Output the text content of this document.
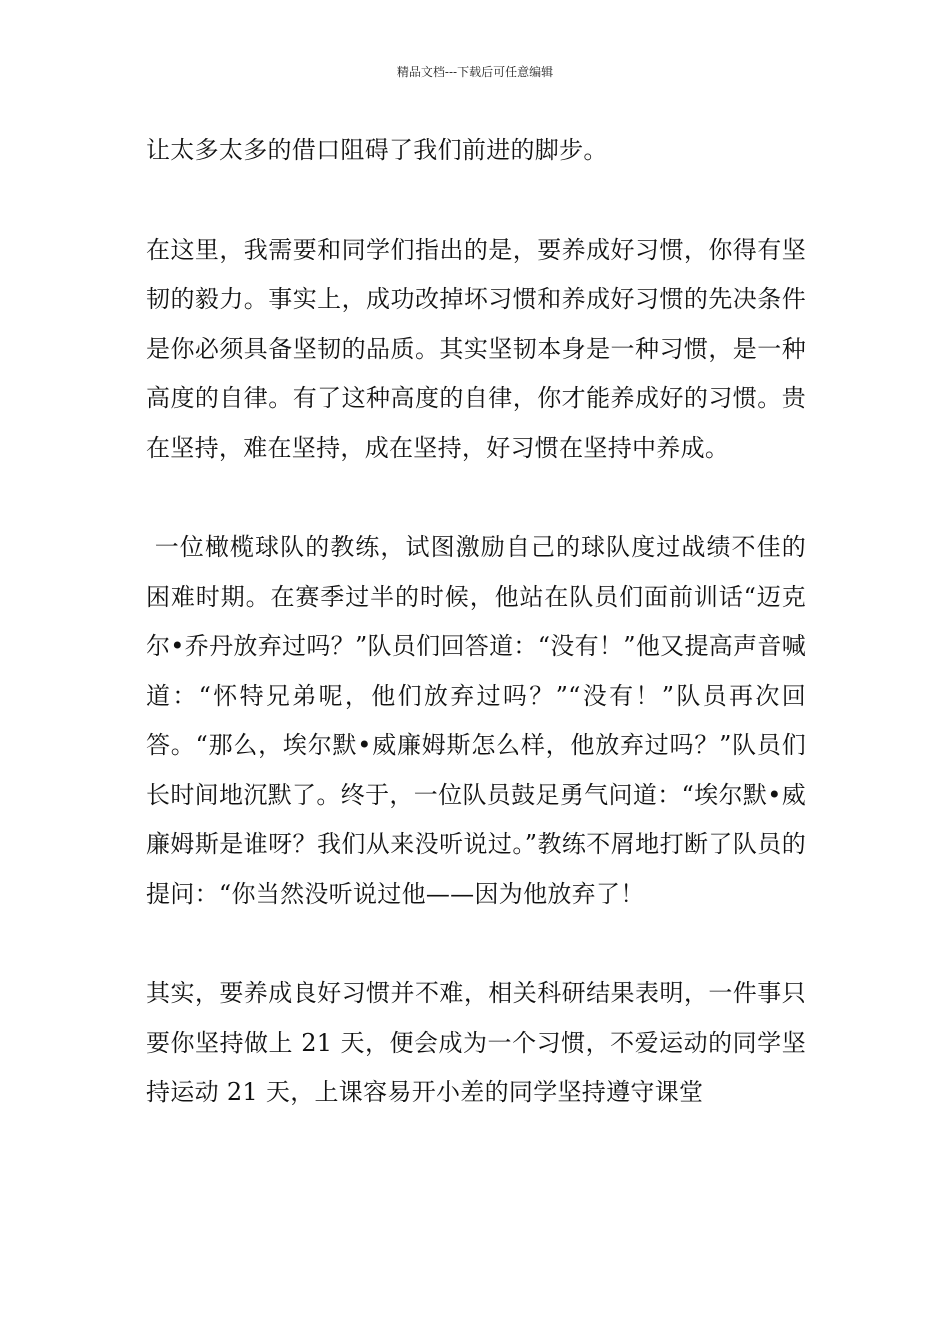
精品文档---下载后可任意编辑

让太多太多的借口阻碍了我们前进的脚步。

在这里，我需要和同学们指出的是，要养成好习惯，你得有坚韧的毅力。事实上，成功改掉坏习惯和养成好习惯的先决条件是你必须具备坚韧的品质。其实坚韧本身是一种习惯，是一种高度的自律。有了这种高度的自律，你才能养成好的习惯。贵在坚持，难在坚持，成在坚持，好习惯在坚持中养成。

一位橄榄球队的教练，试图激励自己的球队度过战绩不佳的困难时期。在赛季过半的时候，他站在队员们面前训话“迈克尔•乔丹放弃过吗？”队员们回答道：“没有！”他又提高声音喊道：“怀特兄弟呢，他们放弃过吗？”“没有！”队员再次回答。“那么，埃尔默•威廉姆斯怎么样，他放弃过吗？”队员们长时间地沉默了。终于，一位队员鼓足勇气问道：“埃尔默•威廉姆斯是谁呀？我们从来没听说过。”教练不屑地打断了队员的提问：“你当然没听说过他——因为他放弃了！

其实，要养成良好习惯并不难，相关科研结果表明，一件事只要你坚持做上 21 天，便会成为一个习惯，不爱运动的同学坚持运动 21 天，上课容易开小差的同学坚持遵守课堂
